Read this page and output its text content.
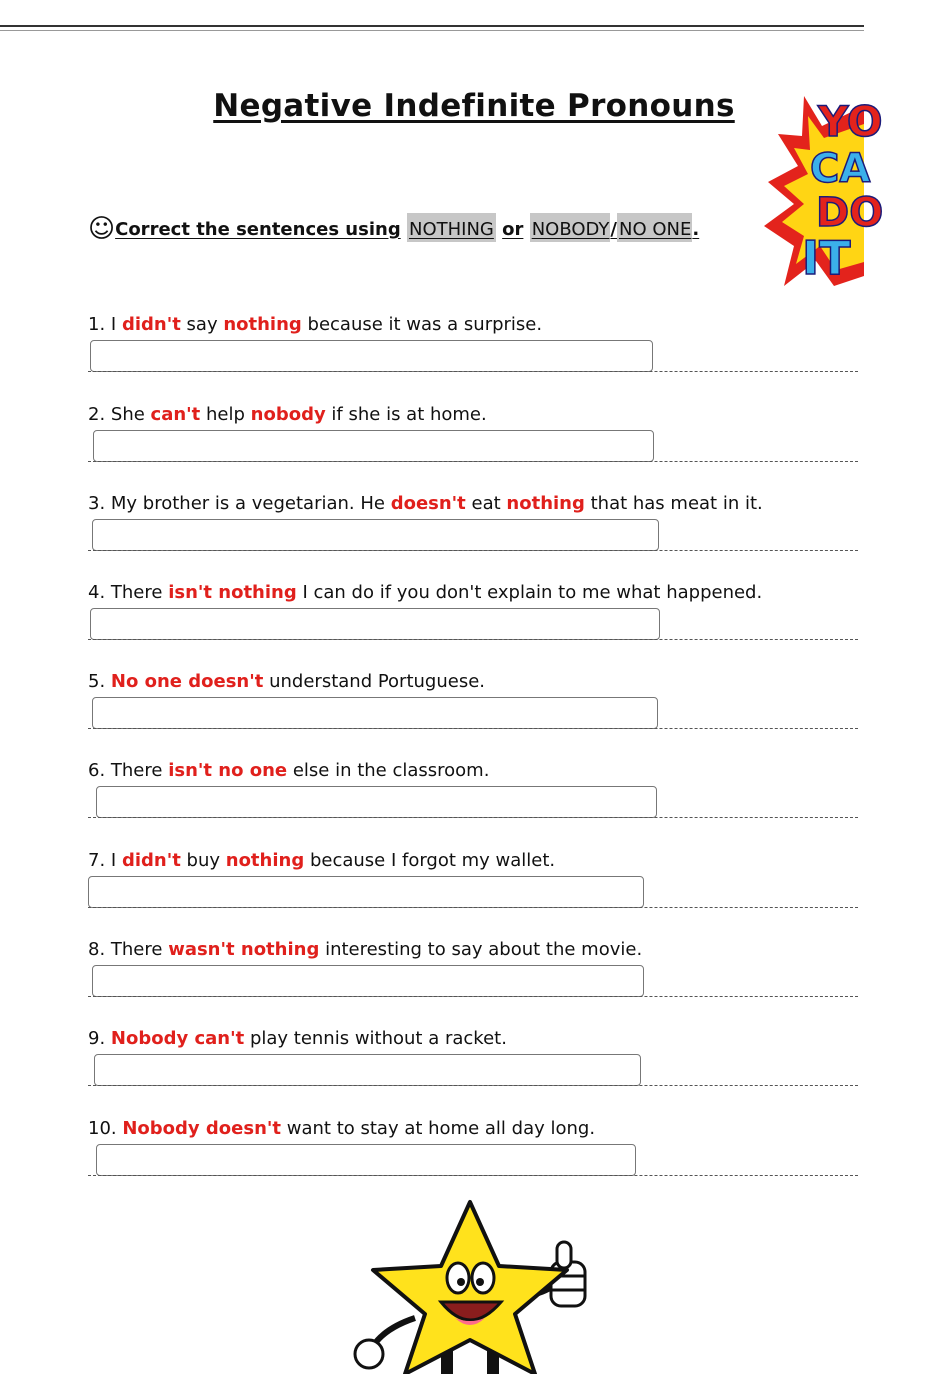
Negative Indefinite Pronouns	YO
CA
DO
IT
☺Correct the sentences using NOTHING or NOBODY/ NO ONE.
1. I didn't say nothing because it was a surprise.
2. She can't help nobody if she is at home.
3. My brother is a vegetarian. He doesn't eat nothing that has meat in it.
4. There isn't nothing I can do if you don't explain to me what happened.
5. No one doesn't understand Portuguese.
6. There isn't no one else in the classroom.
7. I didn't buy nothing because I forgot my wallet.
8. There wasn't nothing interesting to say about the movie.
9. Nobody can't play tennis without a racket.
10. Nobody doesn't want to stay at home all day long.
